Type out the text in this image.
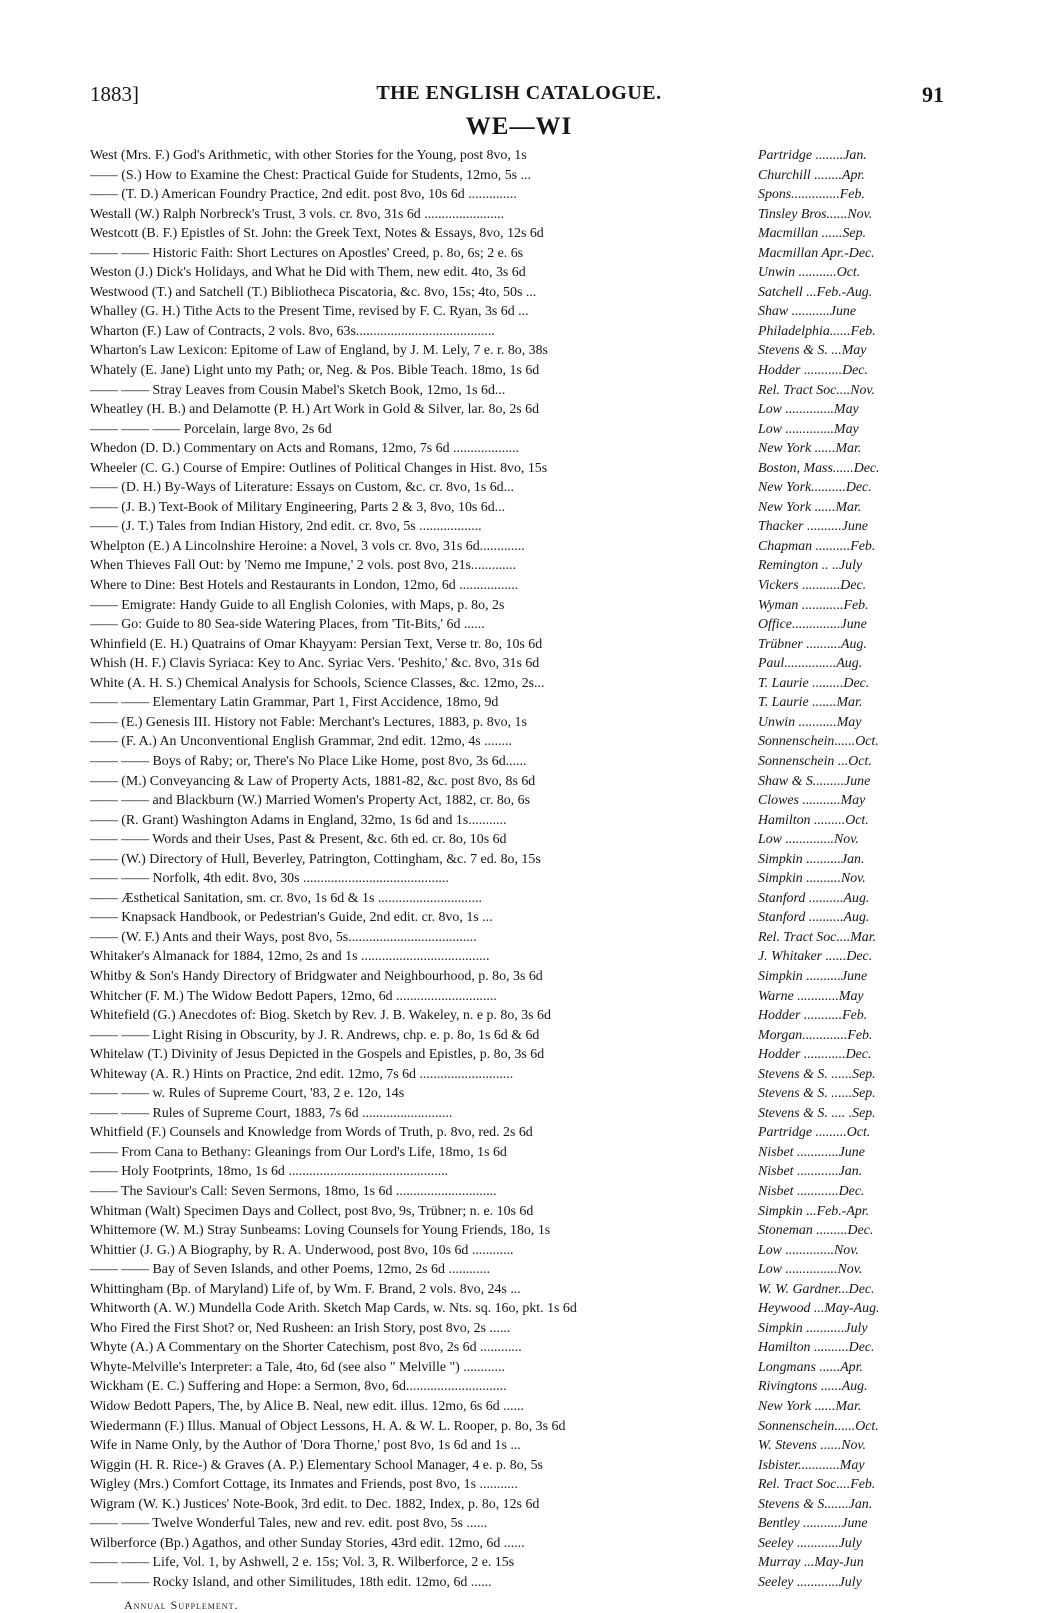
1883]	THE ENGLISH CATALOGUE.	91
WE—WI
West (Mrs. F.) God's Arithmetic, with other Stories for the Young, post 8vo, 1s	Partridge ........Jan.
—— (S.) How to Examine the Chest: Practical Guide for Students, 12mo, 5s ...	Churchill ........Apr.
—— (T. D.) American Foundry Practice, 2nd edit. post 8vo, 10s 6d ..............	Spons..............Feb.
Westall (W.) Ralph Norbreck's Trust, 3 vols. cr. 8vo, 31s 6d .......................	Tinsley Bros......Nov.
Westcott (B. F.) Epistles of St. John: the Greek Text, Notes & Essays, 8vo, 12s 6d	Macmillan ......Sep.
—— —— Historic Faith: Short Lectures on Apostles' Creed, p. 8o, 6s; 2 e. 6s	Macmillan Apr.-Dec.
Weston (J.) Dick's Holidays, and What he Did with Them, new edit. 4to, 3s 6d	Unwin ...........Oct.
Westwood (T.) and Satchell (T.) Bibliotheca Piscatoria, &c. 8vo, 15s; 4to, 50s ...	Satchell ...Feb.-Aug.
Whalley (G. H.) Tithe Acts to the Present Time, revised by F. C. Ryan, 3s 6d ...	Shaw ...........June
Wharton (F.) Law of Contracts, 2 vols. 8vo, 63s........................................	Philadelphia......Feb.
Wharton's Law Lexicon: Epitome of Law of England, by J. M. Lely, 7 e. r. 8o, 38s	Stevens & S. ...May
Whately (E. Jane) Light unto my Path; or, Neg. & Pos. Bible Teach. 18mo, 1s 6d	Hodder ...........Dec.
—— —— Stray Leaves from Cousin Mabel's Sketch Book, 12mo, 1s 6d...	Rel. Tract Soc....Nov.
Wheatley (H. B.) and Delamotte (P. H.) Art Work in Gold & Silver, lar. 8o, 2s 6d	Low ..............May
—— —— —— Porcelain, large 8vo, 2s 6d	Low ..............May
Whedon (D. D.) Commentary on Acts and Romans, 12mo, 7s 6d ...................	New York ......Mar.
Wheeler (C. G.) Course of Empire: Outlines of Political Changes in Hist. 8vo, 15s	Boston, Mass......Dec.
—— (D. H.) By-Ways of Literature: Essays on Custom, &c. cr. 8vo, 1s 6d...	New York..........Dec.
—— (J. B.) Text-Book of Military Engineering, Parts 2 & 3, 8vo, 10s 6d...	New York ......Mar.
—— (J. T.) Tales from Indian History, 2nd edit. cr. 8vo, 5s ..................	Thacker ..........June
Whelpton (E.) A Lincolnshire Heroine: a Novel, 3 vols cr. 8vo, 31s 6d.............	Chapman ..........Feb.
When Thieves Fall Out: by 'Nemo me Impune,' 2 vols. post 8vo, 21s.............	Remington .. ..July
Where to Dine: Best Hotels and Restaurants in London, 12mo, 6d .................	Vickers ...........Dec.
—— Emigrate: Handy Guide to all English Colonies, with Maps, p. 8o, 2s	Wyman ............Feb.
—— Go: Guide to 80 Sea-side Watering Places, from 'Tit-Bits,' 6d ......	Office..............June
Whinfield (E. H.) Quatrains of Omar Khayyam: Persian Text, Verse tr. 8o, 10s 6d	Trübner ..........Aug.
Whish (H. F.) Clavis Syriaca: Key to Anc. Syriac Vers. 'Peshito,' &c. 8vo, 31s 6d	Paul...............Aug.
White (A. H. S.) Chemical Analysis for Schools, Science Classes, &c. 12mo, 2s...	T. Laurie .........Dec.
—— —— Elementary Latin Grammar, Part 1, First Accidence, 18mo, 9d	T. Laurie .......Mar.
—— (E.) Genesis III. History not Fable: Merchant's Lectures, 1883, p. 8vo, 1s	Unwin ...........May
—— (F. A.) An Unconventional English Grammar, 2nd edit. 12mo, 4s ........	Sonnenschein......Oct.
—— —— Boys of Raby; or, There's No Place Like Home, post 8vo, 3s 6d......	Sonnenschein ...Oct.
—— (M.) Conveyancing & Law of Property Acts, 1881-82, &c. post 8vo, 8s 6d	Shaw & S.........June
—— —— and Blackburn (W.) Married Women's Property Act, 1882, cr. 8o, 6s	Clowes ...........May
—— (R. Grant) Washington Adams in England, 32mo, 1s 6d and 1s...........	Hamilton .........Oct.
—— —— Words and their Uses, Past & Present, &c. 6th ed. cr. 8o, 10s 6d	Low ..............Nov.
—— (W.) Directory of Hull, Beverley, Patrington, Cottingham, &c. 7 ed. 8o, 15s	Simpkin ..........Jan.
—— —— Norfolk, 4th edit. 8vo, 30s ..........................................	Simpkin ..........Nov.
—— Æsthetical Sanitation, sm. cr. 8vo, 1s 6d & 1s ..............................	Stanford ..........Aug.
—— Knapsack Handbook, or Pedestrian's Guide, 2nd edit. cr. 8vo, 1s ...	Stanford ..........Aug.
—— (W. F.) Ants and their Ways, post 8vo, 5s.....................................	Rel. Tract Soc....Mar.
Whitaker's Almanack for 1884, 12mo, 2s and 1s .....................................	J. Whitaker ......Dec.
Whitby & Son's Handy Directory of Bridgwater and Neighbourhood, p. 8o, 3s 6d	Simpkin ..........June
Whitcher (F. M.) The Widow Bedott Papers, 12mo, 6d .............................	Warne ............May
Whitefield (G.) Anecdotes of: Biog. Sketch by Rev. J. B. Wakeley, n. e p. 8o, 3s 6d	Hodder ...........Feb.
—— —— Light Rising in Obscurity, by J. R. Andrews, chp. e. p. 8o, 1s 6d & 6d	Morgan.............Feb.
Whitelaw (T.) Divinity of Jesus Depicted in the Gospels and Epistles, p. 8o, 3s 6d	Hodder ............Dec.
Whiteway (A. R.) Hints on Practice, 2nd edit. 12mo, 7s 6d ...........................	Stevens & S. ......Sep.
—— —— w. Rules of Supreme Court, '83, 2 e. 12o, 14s	Stevens & S. ......Sep.
—— —— Rules of Supreme Court, 1883, 7s 6d ..........................	Stevens & S. .... .Sep.
Whitfield (F.) Counsels and Knowledge from Words of Truth, p. 8vo, red. 2s 6d	Partridge .........Oct.
—— From Cana to Bethany: Gleanings from Our Lord's Life, 18mo, 1s 6d	Nisbet ............June
—— Holy Footprints, 18mo, 1s 6d ..............................................	Nisbet ............Jan.
—— The Saviour's Call: Seven Sermons, 18mo, 1s 6d .............................	Nisbet ............Dec.
Whitman (Walt) Specimen Days and Collect, post 8vo, 9s, Trübner; n. e. 10s 6d	Simpkin ...Feb.-Apr.
Whittemore (W. M.) Stray Sunbeams: Loving Counsels for Young Friends, 18o, 1s	Stoneman .........Dec.
Whittier (J. G.) A Biography, by R. A. Underwood, post 8vo, 10s 6d ............	Low ..............Nov.
—— —— Bay of Seven Islands, and other Poems, 12mo, 2s 6d ............	Low ...............Nov.
Whittingham (Bp. of Maryland) Life of, by Wm. F. Brand, 2 vols. 8vo, 24s ...	W. W. Gardner...Dec.
Whitworth (A. W.) Mundella Code Arith. Sketch Map Cards, w. Nts. sq. 16o, pkt. 1s 6d	Heywood ...May-Aug.
Who Fired the First Shot? or, Ned Rusheen: an Irish Story, post 8vo, 2s ......	Simpkin ...........July
Whyte (A.) A Commentary on the Shorter Catechism, post 8vo, 2s 6d ............	Hamilton ..........Dec.
Whyte-Melville's Interpreter: a Tale, 4to, 6d (see also " Melville ") ............	Longmans ......Apr.
Wickham (E. C.) Suffering and Hope: a Sermon, 8vo, 6d.............................	Rivingtons ......Aug.
Widow Bedott Papers, The, by Alice B. Neal, new edit. illus. 12mo, 6s 6d ......	New York ......Mar.
Wiedermann (F.) Illus. Manual of Object Lessons, H. A. & W. L. Rooper, p. 8o, 3s 6d	Sonnenschein......Oct.
Wife in Name Only, by the Author of 'Dora Thorne,' post 8vo, 1s 6d and 1s ...	W. Stevens ......Nov.
Wiggin (H. R. Rice-) & Graves (A. P.) Elementary School Manager, 4 e. p. 8o, 5s	Isbister............May
Wigley (Mrs.) Comfort Cottage, its Inmates and Friends, post 8vo, 1s ...........	Rel. Tract Soc....Feb.
Wigram (W. K.) Justices' Note-Book, 3rd edit. to Dec. 1882, Index, p. 8o, 12s 6d	Stevens & S.......Jan.
—— —— Twelve Wonderful Tales, new and rev. edit. post 8vo, 5s ......	Bentley ...........June
Wilberforce (Bp.) Agathos, and other Sunday Stories, 43rd edit. 12mo, 6d ......	Seeley ............July
—— —— Life, Vol. 1, by Ashwell, 2 e. 15s; Vol. 3, R. Wilberforce, 2 e. 15s	Murray ...May-Jun
—— —— Rocky Island, and other Similitudes, 18th edit. 12mo, 6d ......	Seeley ............July
Annual Supplement.
